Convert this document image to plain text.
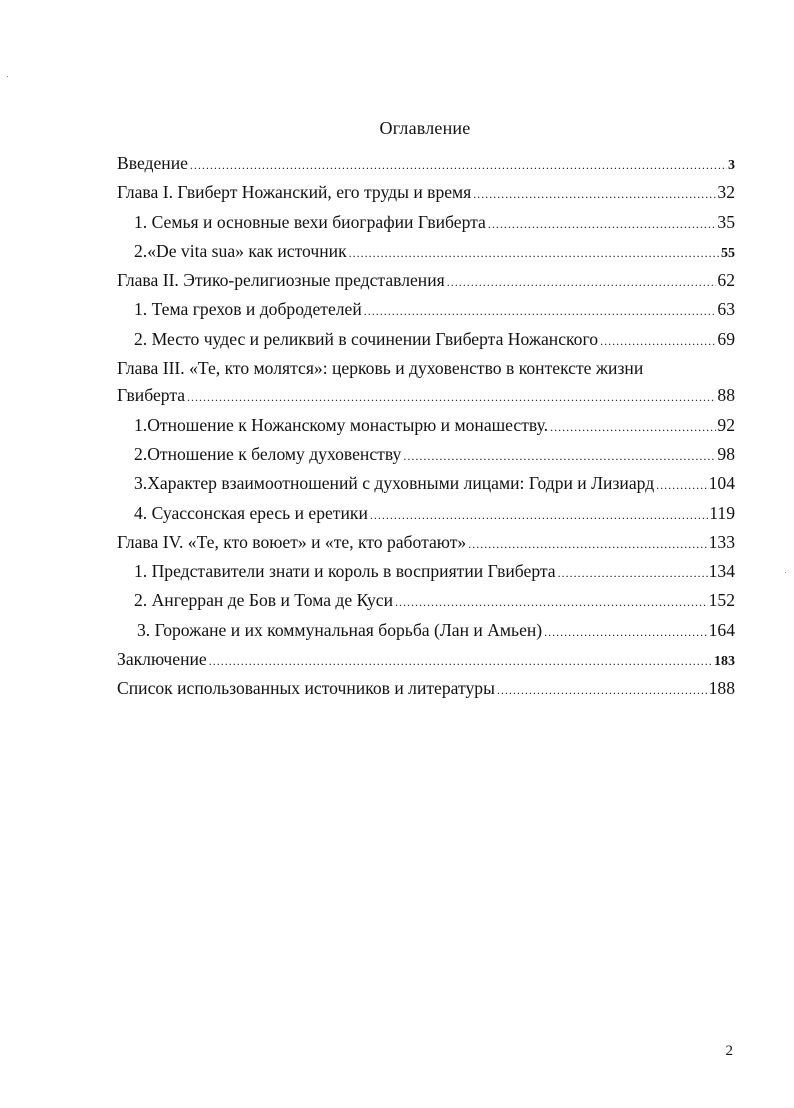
Оглавление
Введение .....	3
Глава I. Гвиберт Ножанский, его труды и время .....	32
1. Семья и основные вехи биографии Гвиберта .....	35
2.«De vita sua» как источник .....	55
Глава II. Этико-религиозные представления .....	62
1. Тема грехов и добродетелей .....	63
2. Место чудес и реликвий в сочинении Гвиберта Ножанского .....	69
Глава III. «Те, кто молятся»: церковь и духовенство в контексте жизни
Гвиберта .....	88
1.Отношение к Ножанскому монастырю и монашеству. .....	92
2.Отношение к белому духовенству .....	98
3.Характер взаимоотношений с духовными лицами: Годри и Лизиард .....	104
4. Суассонская ересь и еретики .....	119
Глава IV. «Те, кто воюет» и «те, кто работают» .....	133
1. Представители знати и король в восприятии Гвиберта .....	134
2. Ангерран де Бов и Тома де Куси .....	152
3. Горожане и их коммунальная борьба (Лан и Амьен) .....	164
Заключение .....	183
Список использованных источников и литературы .....	188
2
